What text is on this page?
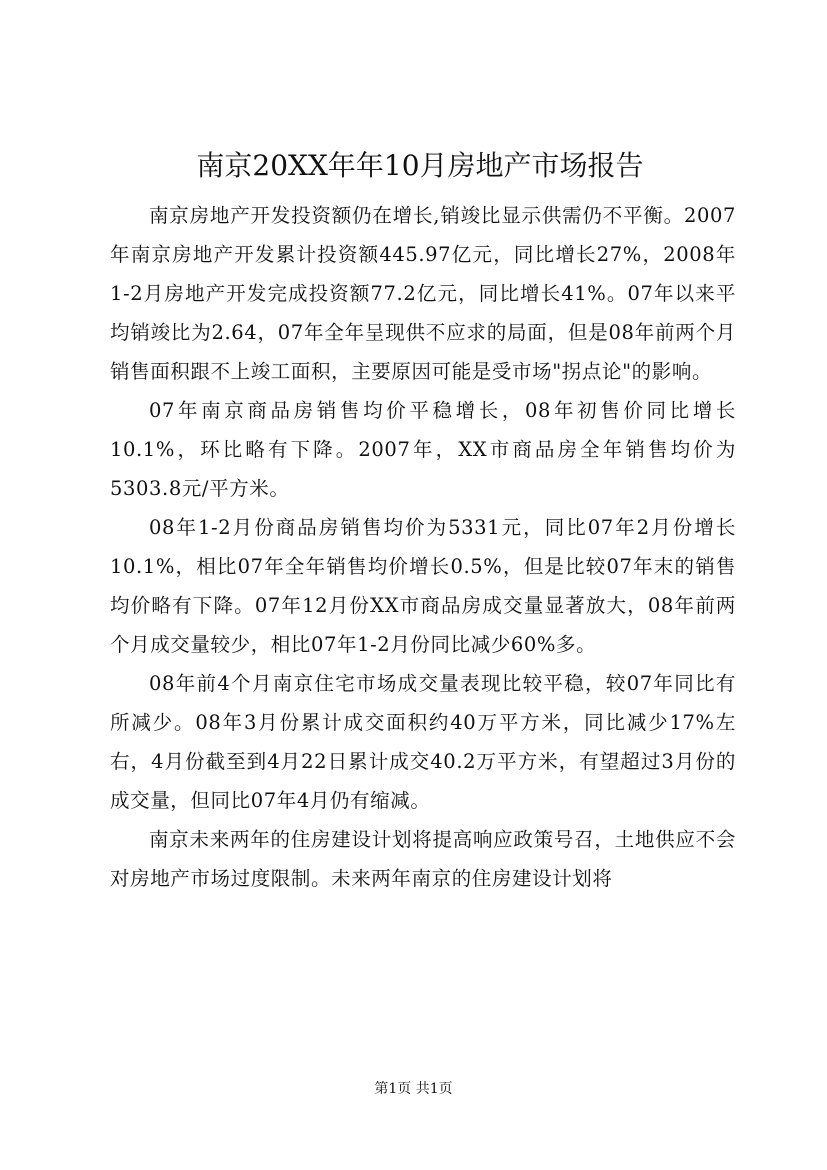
南京20XX年年10月房地产市场报告

南京房地产开发投资额仍在增长,销竣比显示供需仍不平衡。2007年南京房地产开发累计投资额445.97亿元，同比增长27%，2008年1-2月房地产开发完成投资额77.2亿元，同比增长41%。07年以来平均销竣比为2.64，07年全年呈现供不应求的局面，但是08年前两个月销售面积跟不上竣工面积，主要原因可能是受市场"拐点论"的影响。

07年南京商品房销售均价平稳增长，08年初售价同比增长10.1%，环比略有下降。2007年，XX市商品房全年销售均价为5303.8元/平方米。

08年1-2月份商品房销售均价为5331元，同比07年2月份增长10.1%，相比07年全年销售均价增长0.5%，但是比较07年末的销售均价略有下降。07年12月份XX市商品房成交量显著放大，08年前两个月成交量较少，相比07年1-2月份同比减少60%多。

08年前4个月南京住宅市场成交量表现比较平稳，较07年同比有所减少。08年3月份累计成交面积约40万平方米，同比减少17%左右，4月份截至到4月22日累计成交40.2万平方米，有望超过3月份的成交量，但同比07年4月仍有缩减。

南京未来两年的住房建设计划将提高响应政策号召，土地供应不会对房地产市场过度限制。未来两年南京的住房建设计划将

第1页 共1页
